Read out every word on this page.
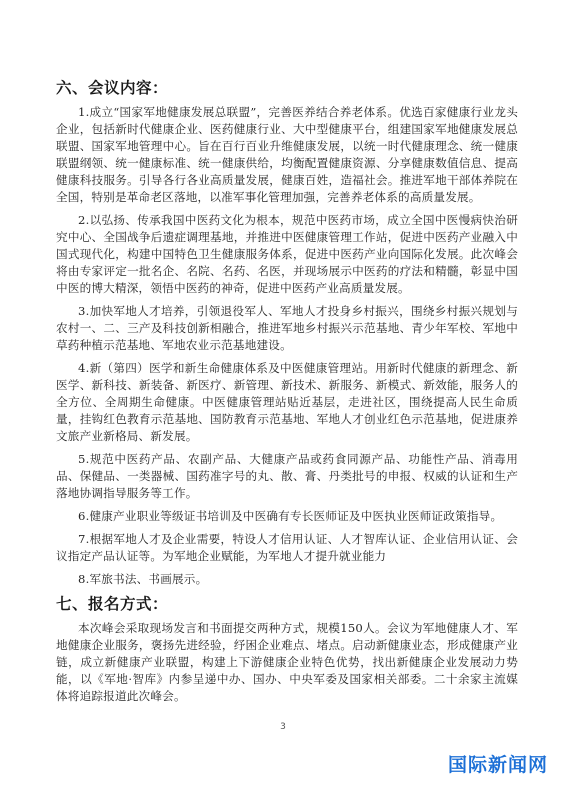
六、会议内容：

1.成立“国家军地健康发展总联盟”，完善医养结合养老体系。优选百家健康行业龙头企业，包括新时代健康企业、医药健康行业、大中型健康平台，组建国家军地健康发展总联盟、国家军地管理中心。旨在百行百业升维健康发展，以统一时代健康理念、统一健康联盟纲领、统一健康标准、统一健康供给，均衡配置健康资源、分享健康数值信息、提高健康科技服务。引导各行各业高质量发展，健康百姓，造福社会。推进军地干部体养院在全国，特别是革命老区落地，以准军事化管理加强，完善养老体系的高质量发展。

2.以弘扬、传承我国中医药文化为根本，规范中医药市场，成立全国中医慢病快治研究中心、全国战争后遗症调理基地，并推进中医健康管理工作站，促进中医药产业融入中国式现代化，构建中国特色卫生健康服务体系，促进中医药产业向国际化发展。此次峰会将由专家评定一批名企、名院、名药、名医，并现场展示中医药的疗法和精髓，彰显中国中医的博大精深，领悟中医药的神奇，促进中医药产业高质量发展。

3.加快军地人才培养，引领退役军人、军地人才投身乡村振兴，围绕乡村振兴规划与农村一、二、三产及科技创新相融合，推进军地乡村振兴示范基地、青少年军校、军地中草药种植示范基地、军地农业示范基地建设。

4.新（第四）医学和新生命健康体系及中医健康管理站。用新时代健康的新理念、新医学、新科技、新装备、新医疗、新管理、新技术、新服务、新模式、新效能，服务人的全方位、全周期生命健康。中医健康管理站贴近基层，走进社区，围绕提高人民生命质量，挂钩红色教育示范基地、国防教育示范基地、军地人才创业红色示范基地，促进康养文旅产业新格局、新发展。

5.规范中医药产品、农副产品、大健康产品或药食同源产品、功能性产品、消毒用品、保健品、一类器械、国药准字号的丸、散、膏、丹类批号的申报、权威的认证和生产落地协调指导服务等工作。

6.健康产业职业等级证书培训及中医确有专长医师证及中医执业医师证政策指导。

7.根据军地人才及企业需要，特设人才信用认证、人才智库认证、企业信用认证、会议指定产品认证等。为军地企业赋能，为军地人才提升就业能力

8.军旅书法、书画展示。

七、报名方式：

本次峰会采取现场发言和书面提交两种方式，规模150人。会议为军地健康人才、军地健康企业服务，褒扬先进经验，纾困企业难点、堵点。启动新健康业态，形成健康产业链，成立新健康产业联盟，构建上下游健康企业特色优势，找出新健康企业发展动力势能，以《军地·智库》内参呈递中办、国办、中央军委及国家相关部委。二十余家主流媒体将追踪报道此次峰会。

3
国际新闻网
